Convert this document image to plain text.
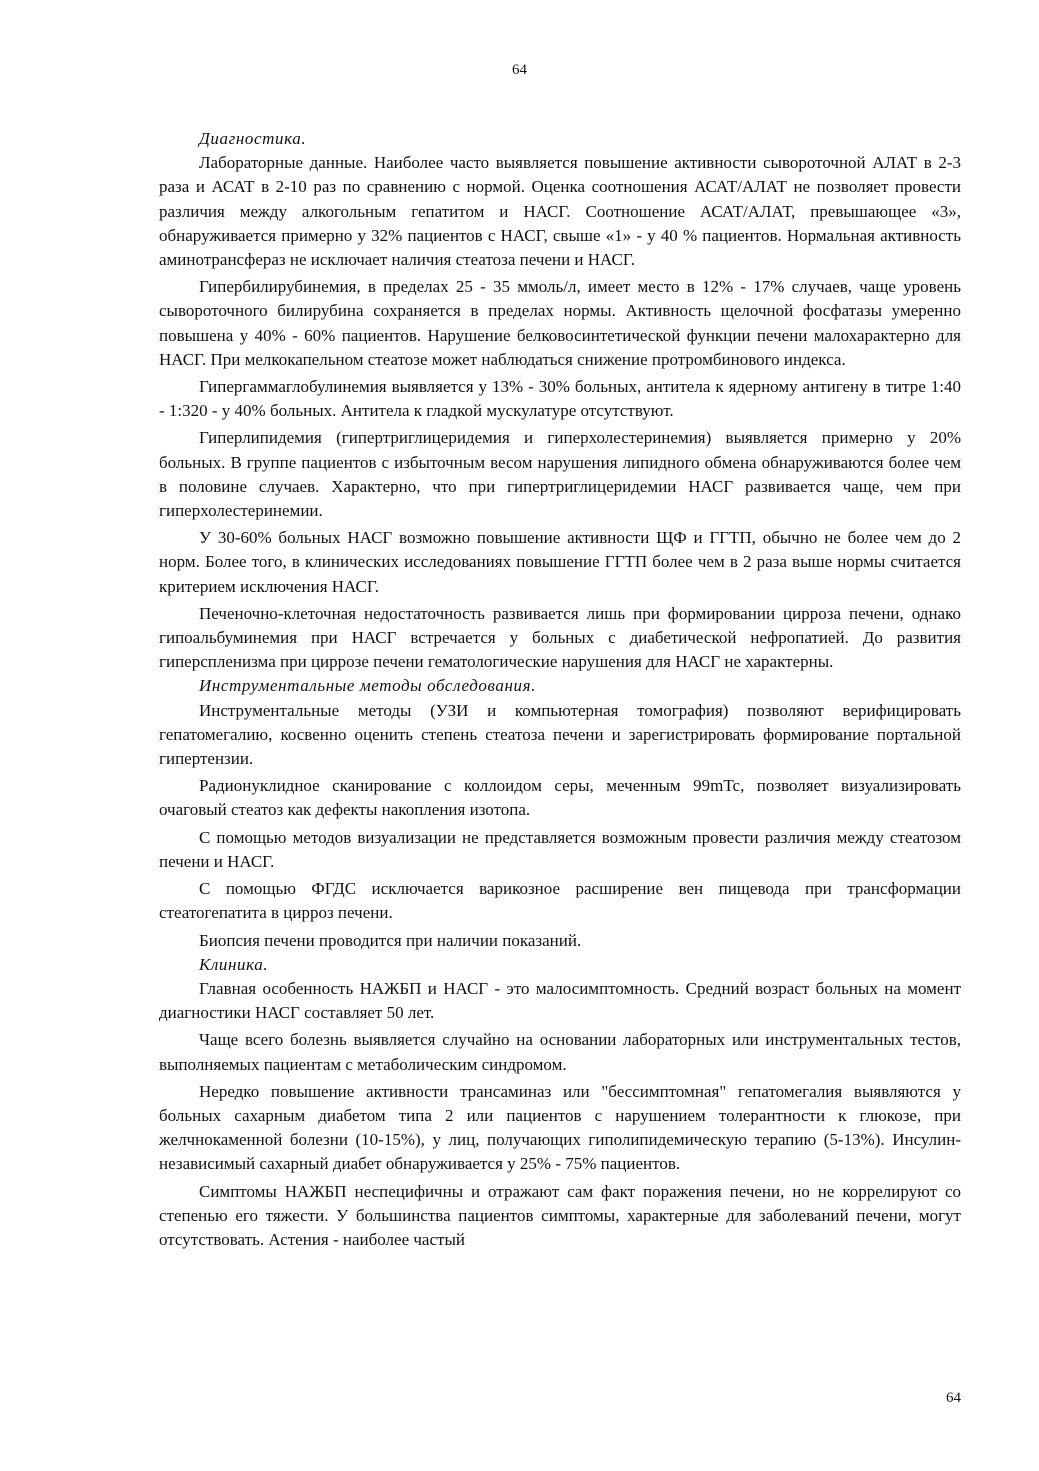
64

Диагностика.

Лабораторные данные. Наиболее часто выявляется повышение активности сывороточной АЛАТ в 2-3 раза и АСАТ в 2-10 раз по сравнению с нормой. Оценка соотношения АСАТ/АЛАТ не позволяет провести различия между алкогольным гепатитом и НАСГ. Соотношение АСАТ/АЛАТ, превышающее «3», обнаруживается примерно у 32% пациентов с НАСГ, свыше «1» - у 40 % пациентов. Нормальная активность аминотрансфераз не исключает наличия стеатоза печени и НАСГ.

Гипербилирубинемия, в пределах 25 - 35 ммоль/л, имеет место в 12% - 17% случаев, чаще уровень сывороточного билирубина сохраняется в пределах нормы. Активность щелочной фосфатазы умеренно повышена у 40% - 60% пациентов. Нарушение белковосинтетической функции печени малохарактерно для НАСГ. При мелкокапельном стеатозе может наблюдаться снижение протромбинового индекса.

Гипергаммаглобулинемия выявляется у 13% - 30% больных, антитела к ядерному антигену в титре 1:40 - 1:320 - у 40% больных. Антитела к гладкой мускулатуре отсутствуют.

Гиперлипидемия (гипертриглицеридемия и гиперхолестеринемия) выявляется примерно у 20% больных. В группе пациентов с избыточным весом нарушения липидного обмена обнаруживаются более чем в половине случаев. Характерно, что при гипертриглицеридемии НАСГ развивается чаще, чем при гиперхолестеринемии.

У 30-60% больных НАСГ возможно повышение активности ЩФ и ГГТП, обычно не более чем до 2 норм. Более того, в клинических исследованиях повышение ГГТП более чем в 2 раза выше нормы считается критерием исключения НАСГ.

Печеночно-клеточная недостаточность развивается лишь при формировании цирроза печени, однако гипоальбуминемия при НАСГ встречается у больных с диабетической нефропатией. До развития гиперспленизма при циррозе печени гематологические нарушения для НАСГ не характерны.

Инструментальные методы обследования.

Инструментальные методы (УЗИ и компьютерная томография) позволяют верифицировать гепатомегалию, косвенно оценить степень стеатоза печени и зарегистрировать формирование портальной гипертензии.

Радионуклидное сканирование с коллоидом серы, меченным 99mTc, позволяет визуализировать очаговый стеатоз как дефекты накопления изотопа.

С помощью методов визуализации не представляется возможным провести различия между стеатозом печени и НАСГ.

С помощью ФГДС исключается варикозное расширение вен пищевода при трансформации стеатогепатита в цирроз печени.

Биопсия печени проводится при наличии показаний.

Клиника.

Главная особенность НАЖБП и НАСГ - это малосимптомность. Средний возраст больных на момент диагностики НАСГ составляет 50 лет.

Чаще всего болезнь выявляется случайно на основании лабораторных или инструментальных тестов, выполняемых пациентам с метаболическим синдромом.

Нередко повышение активности трансаминаз или "бессимптомная" гепатомегалия выявляются у больных сахарным диабетом типа 2 или пациентов с нарушением толерантности к глюкозе, при желчнокаменной болезни (10-15%), у лиц, получающих гиполипидемическую терапию (5-13%). Инсулин-независимый сахарный диабет обнаруживается у 25% - 75% пациентов.

Симптомы НАЖБП неспецифичны и отражают сам факт поражения печени, но не коррелируют со степенью его тяжести. У большинства пациентов симптомы, характерные для заболеваний печени, могут отсутствовать. Астения - наиболее частый

64
